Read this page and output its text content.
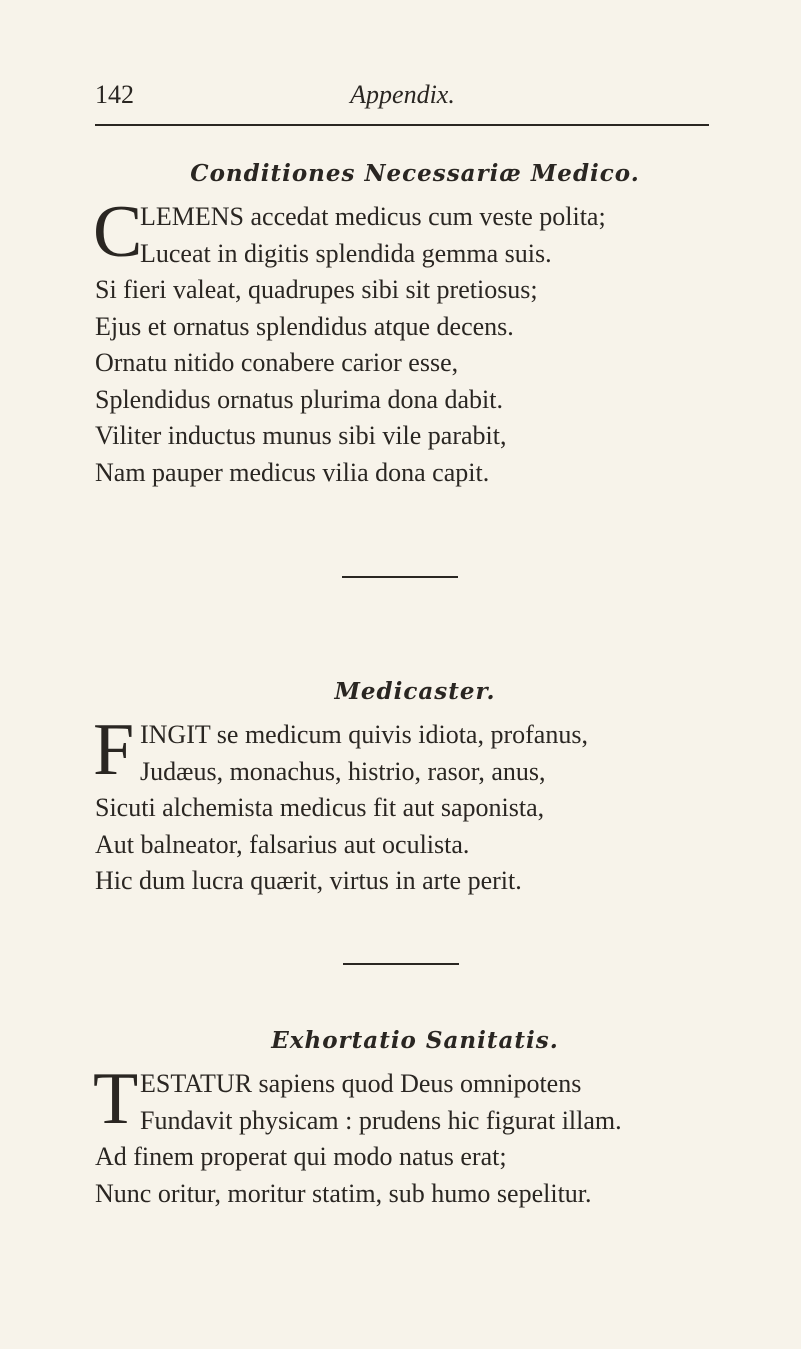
142	Appendix.
Conditiones Necessariæ Medico.
C
LEMENS accedat medicus cum veste polita;
Luceat in digitis splendida gemma suis.
Si fieri valeat, quadrupes sibi sit pretiosus;
Ejus et ornatus splendidus atque decens.
Ornatu nitido conabere carior esse,
Splendidus ornatus plurima dona dabit.
Viliter inductus munus sibi vile parabit,
Nam pauper medicus vilia dona capit.
Medicaster.
F INGIT se medicum quivis idiota, profanus,
Judæus, monachus, histrio, rasor, anus,
Sicuti alchemista medicus fit aut saponista,
Aut balneator, falsarius aut oculista.
Hic dum lucra quærit, virtus in arte perit.
Exhortatio Sanitatis.
T ESTATUR sapiens quod Deus omnipotens
Fundavit physicam : prudens hic figurat illam.
Ad finem properat qui modo natus erat;
Nunc oritur, moritur statim, sub humo sepelitur.
